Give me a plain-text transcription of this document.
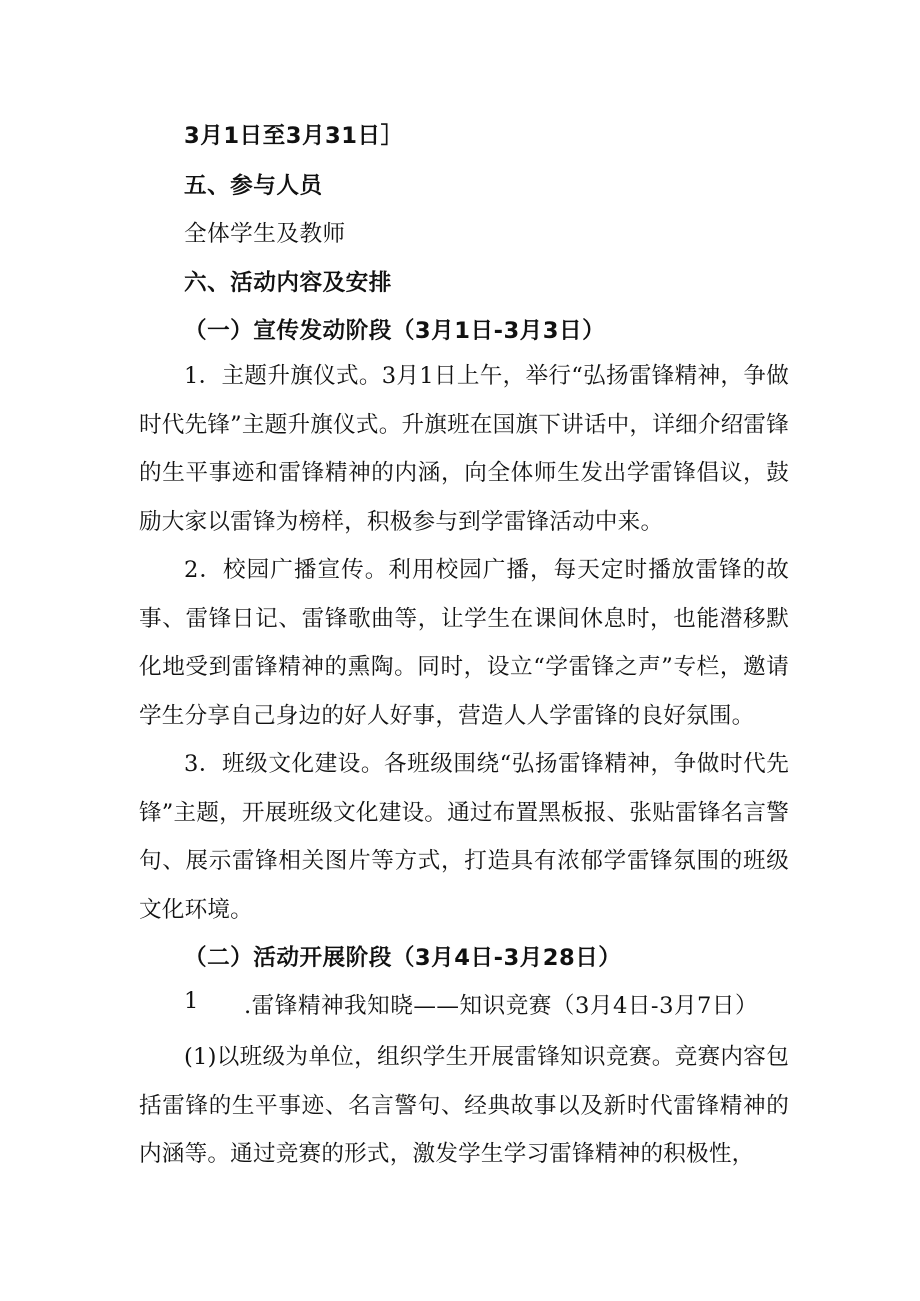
3月1日至3月31日］
五、参与人员
全体学生及教师
六、活动内容及安排
（一）宣传发动阶段（3月1日-3月3日）
1．主题升旗仪式。3月1日上午，举行“弘扬雷锋精神，争做时代先锋”主题升旗仪式。升旗班在国旗下讲话中，详细介绍雷锋的生平事迹和雷锋精神的内涵，向全体师生发出学雷锋倡议，鼓励大家以雷锋为榜样，积极参与到学雷锋活动中来。
2．校园广播宣传。利用校园广播，每天定时播放雷锋的故事、雷锋日记、雷锋歌曲等，让学生在课间休息时，也能潜移默化地受到雷锋精神的熏陶。同时，设立“学雷锋之声”专栏，邀请学生分享自己身边的好人好事，营造人人学雷锋的良好氛围。
3．班级文化建设。各班级围绕“弘扬雷锋精神，争做时代先锋”主题，开展班级文化建设。通过布置黑板报、张贴雷锋名言警句、展示雷锋相关图片等方式，打造具有浓郁学雷锋氛围的班级文化环境。
（二）活动开展阶段（3月4日-3月28日）
1 .雷锋精神我知晓——知识竞赛（3月4日-3月7日）
(1)以班级为单位，组织学生开展雷锋知识竞赛。竞赛内容包括雷锋的生平事迹、名言警句、经典故事以及新时代雷锋精神的内涵等。通过竞赛的形式，激发学生学习雷锋精神的积极性，
